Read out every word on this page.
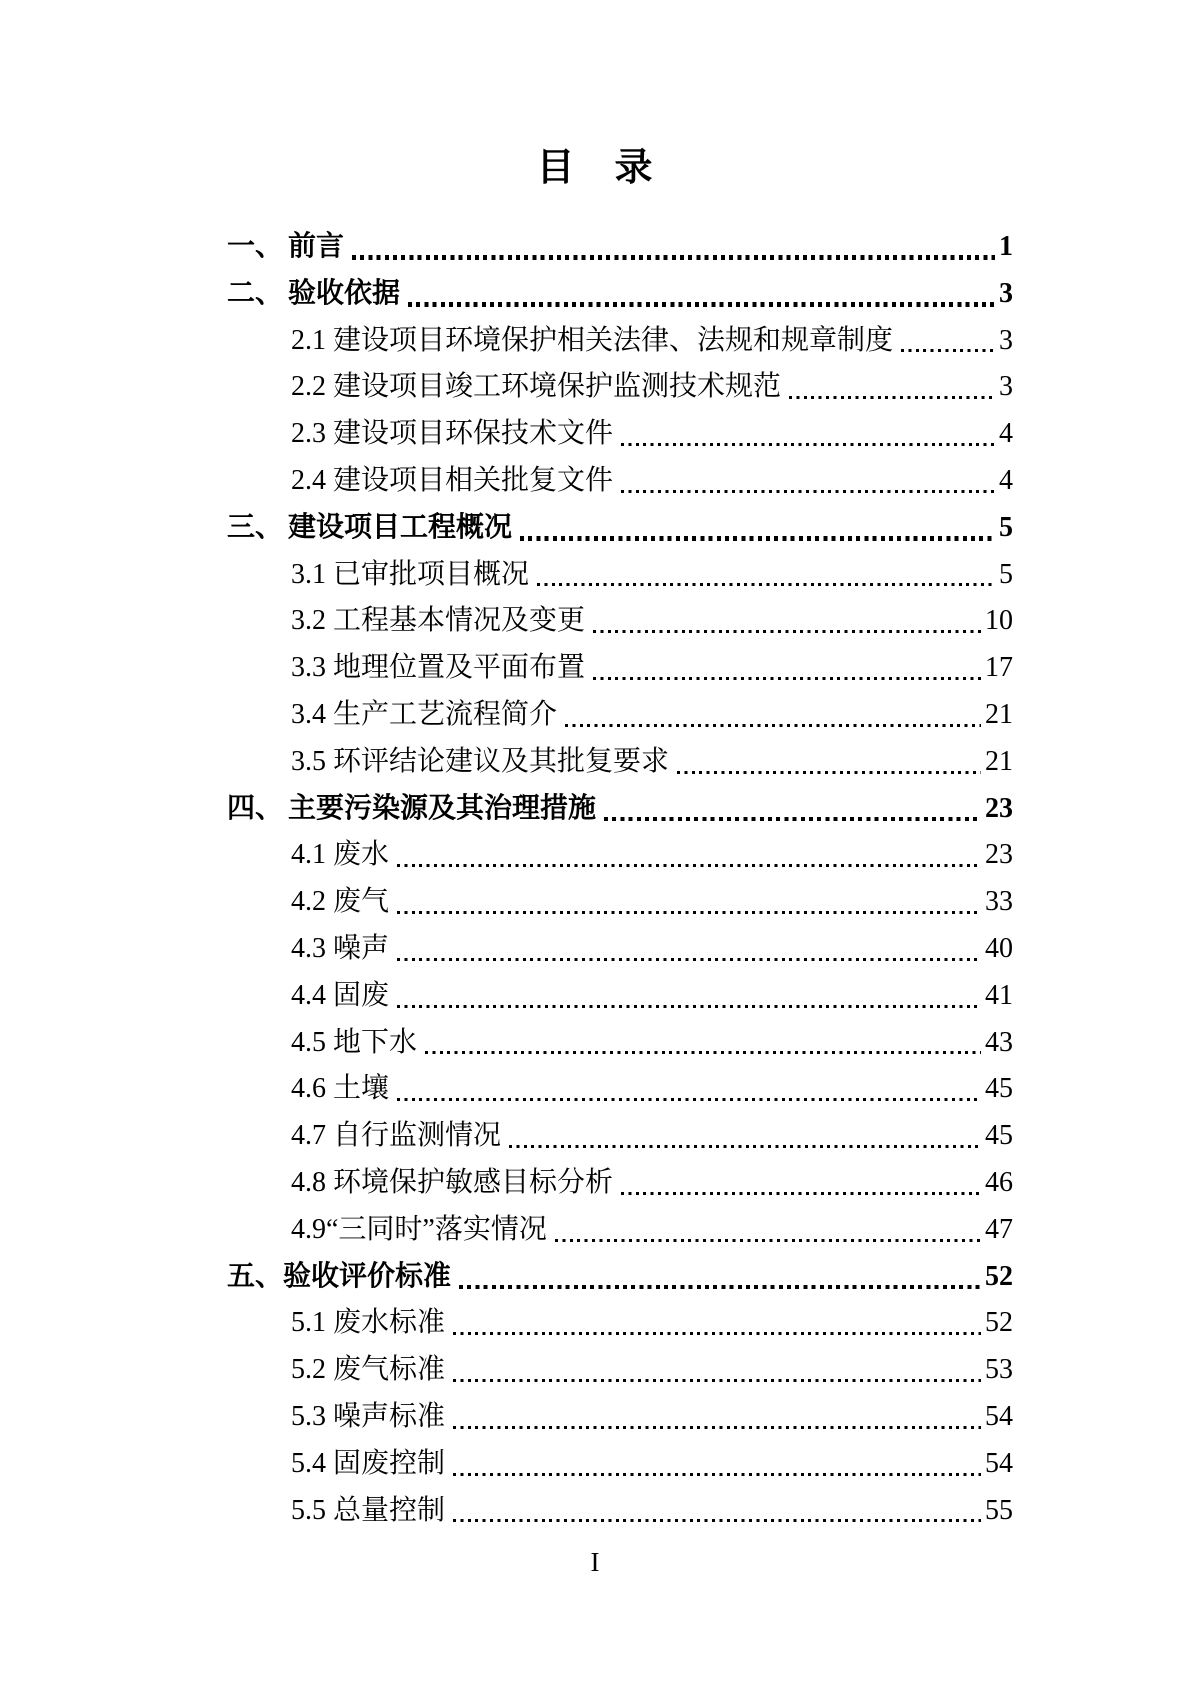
目　录
一、 前言	1
二、 验收依据	3
2.1 建设项目环境保护相关法律、法规和规章制度	3
2.2 建设项目竣工环境保护监测技术规范	3
2.3 建设项目环保技术文件	4
2.4 建设项目相关批复文件	4
三、 建设项目工程概况	5
3.1 已审批项目概况	5
3.2 工程基本情况及变更	10
3.3 地理位置及平面布置	17
3.4 生产工艺流程简介	21
3.5 环评结论建议及其批复要求	21
四、 主要污染源及其治理措施	23
4.1 废水	23
4.2 废气	33
4.3 噪声	40
4.4 固废	41
4.5 地下水	43
4.6 土壤	45
4.7 自行监测情况	45
4.8 环境保护敏感目标分析	46
4.9“三同时”落实情况	47
五、 验收评价标准	52
5.1 废水标准	52
5.2 废气标准	53
5.3 噪声标准	54
5.4 固废控制	54
5.5 总量控制	55
I
